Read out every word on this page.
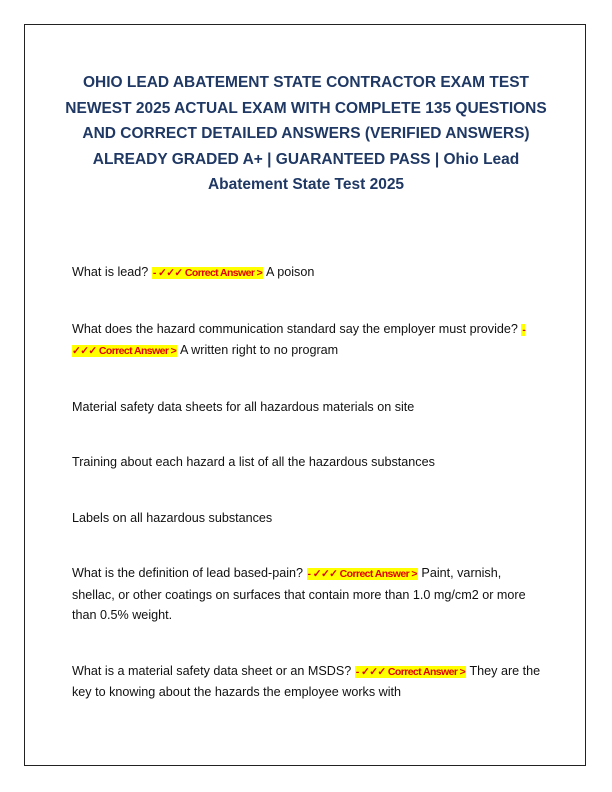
OHIO LEAD ABATEMENT STATE CONTRACTOR EXAM TEST NEWEST 2025 ACTUAL EXAM WITH COMPLETE 135 QUESTIONS AND CORRECT DETAILED ANSWERS (VERIFIED ANSWERS) ALREADY GRADED A+ | GUARANTEED PASS | Ohio Lead Abatement State Test 2025

What is lead? - ✓✓✓ Correct Answer > A poison

What does the hazard communication standard say the employer must provide? - ✓✓✓ Correct Answer > A written right to no program

Material safety data sheets for all hazardous materials on site

Training about each hazard a list of all the hazardous substances

Labels on all hazardous substances

What is the definition of lead based-pain? - ✓✓✓ Correct Answer > Paint, varnish, shellac, or other coatings on surfaces that contain more than 1.0 mg/cm2 or more than 0.5% weight.

What is a material safety data sheet or an MSDS? - ✓✓✓ Correct Answer > They are the key to knowing about the hazards the employee works with
